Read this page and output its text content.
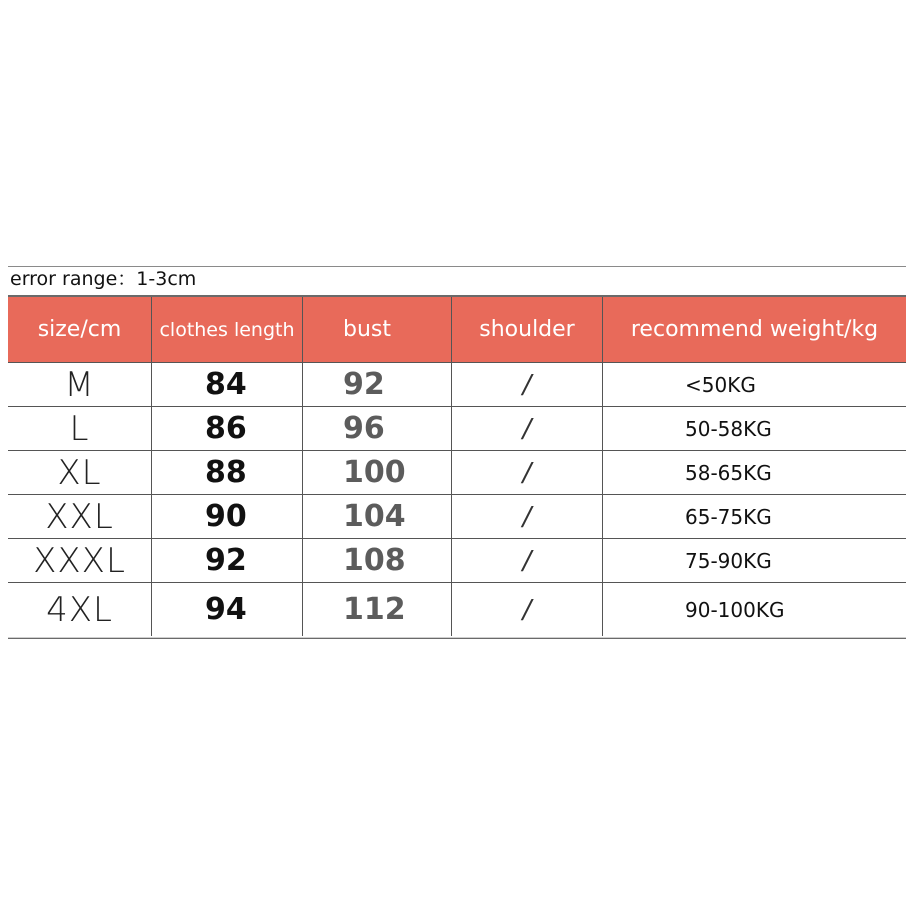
error range：1-3cm
size/cm	clothes length	bust	shoulder	recommend weight/kg
M	84	92	/	<50KG
L	86	96	/	50-58KG
XL	88	100	/	58-65KG
XXL	90	104	/	65-75KG
XXXL	92	108	/	75-90KG
4XL	94	112	/	90-100KG
